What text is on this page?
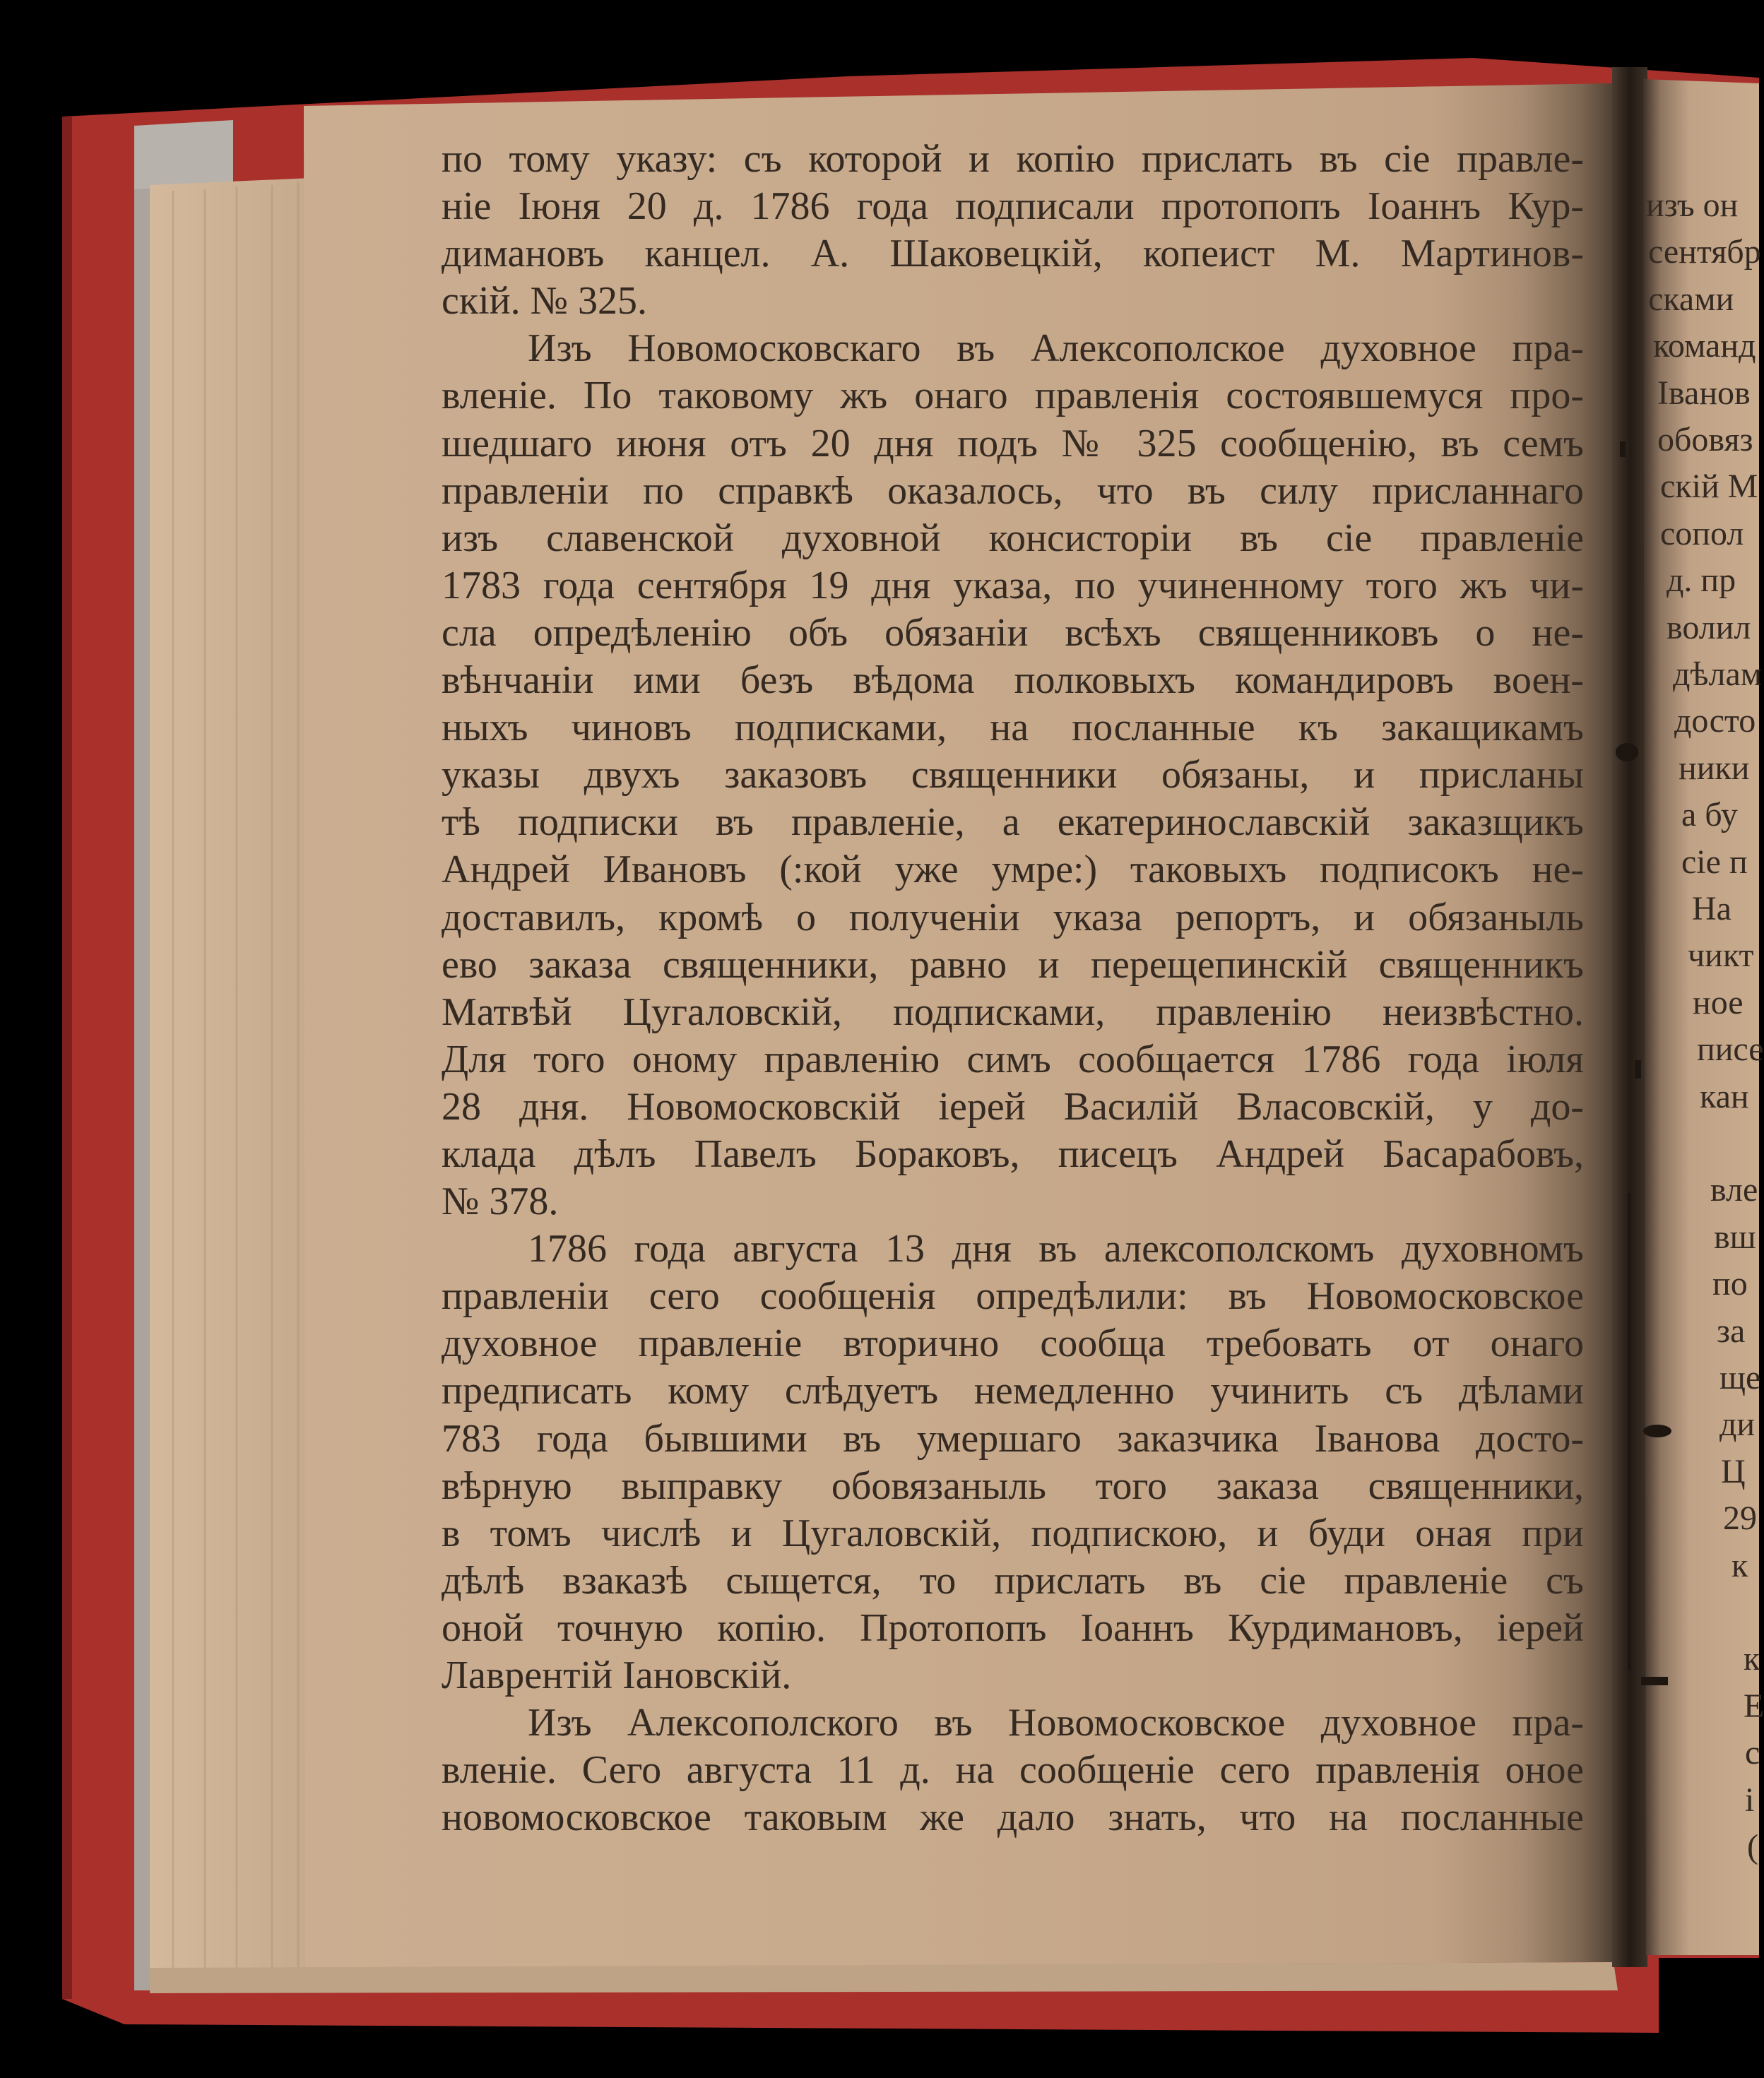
по тому указу: съ которой и копію прислать въ сіе правле-
ніе Іюня 20 д. 1786 года подписали протопопъ Іоаннъ Кур-
димановъ канцел. А. Шаковецкій, копеист М. Мартинов-
скій. № 325.
Изъ Новомосковскаго въ Алексополское духовное пра-
вленіе. По таковому жъ онаго правленія состоявшемуся про-
шедшаго июня отъ 20 дня подъ № 325 сообщенію, въ семъ
правленіи по справкѣ оказалось, что въ силу присланнаго
изъ славенской духовной консисторіи въ сіе правленіе
1783 года сентября 19 дня указа, по учиненному того жъ чи-
сла опредѣленію объ обязаніи всѣхъ священниковъ о не-
вѣнчаніи ими безъ вѣдома полковыхъ командировъ воен-
ныхъ чиновъ подписками, на посланные къ закащикамъ
указы двухъ заказовъ священники обязаны, и присланы
тѣ подписки въ правленіе, а екатеринославскій заказщикъ
Андрей Ивановъ (:кой уже умре:) таковыхъ подписокъ не-
доставилъ, кромѣ о полученіи указа репортъ, и обязаныль
ево заказа священники, равно и перещепинскій священникъ
Матвѣй Цугаловскій, подписками, правленію неизвѣстно.
Для того оному правленію симъ сообщается 1786 года іюля
28 дня. Новомосковскій іерей Василій Власовскій, у до-
клада дѣлъ Павелъ Бораковъ, писецъ Андрей Басарабовъ,
№ 378.
1786 года августа 13 дня въ алексополскомъ духовномъ
правленіи сего сообщенія опредѣлили: въ Новомосковское
духовное правленіе вторично сообща требовать от онаго
предписать кому слѣдуетъ немедленно учинить съ дѣлами
783 года бывшими въ умершаго заказчика Іванова досто-
вѣрную выправку обовязаныль того заказа священники,
в томъ числѣ и Цугаловскій, подпискою, и буди оная при
дѣлѣ взаказѣ сыщется, то прислать въ сіе правленіе съ
оной точную копію. Протопопъ Іоаннъ Курдимановъ, іерей
Лаврентій Іановскій.
Изъ Алексополского въ Новомосковское духовное пра-
вленіе. Сего августа 11 д. на сообщеніе сего правленія оное
новомосковское таковым же дало знать, что на посланные
изъ он
сентябр
сками
команд
Іванов
обовяз
скій М
сопол
д. пр
волил
дѣлам
досто
ники
а бу
сіе п
На
чикт
ное
писе
кан
вле
вш
по
за
ще
ди
Ц
29
к
к
Е
с
і
(
